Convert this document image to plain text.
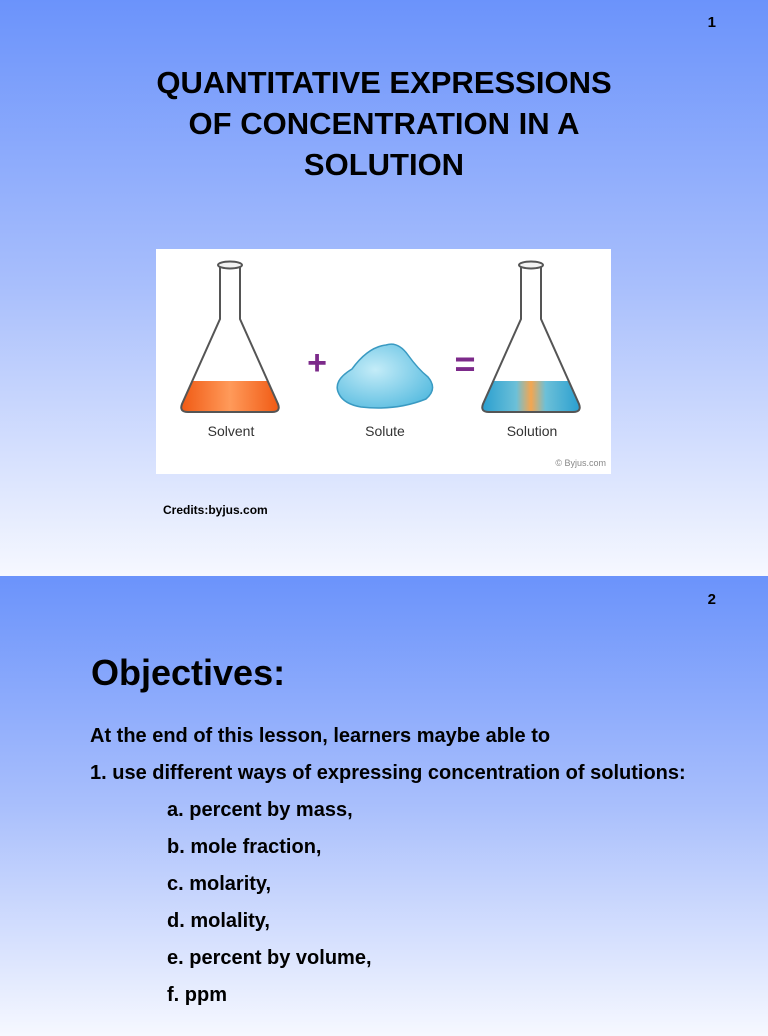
1
QUANTITATIVE EXPRESSIONS
OF CONCENTRATION IN A
SOLUTION
+	=
Solvent	Solute	Solution
© Byjus.com
Credits:byjus.com
2
Objectives:
At the end of this lesson, learners maybe able to
1. use different ways of expressing concentration of solutions:
a. percent by mass,
b. mole fraction,
c. molarity,
d. molality,
e. percent by volume,
f. ppm
